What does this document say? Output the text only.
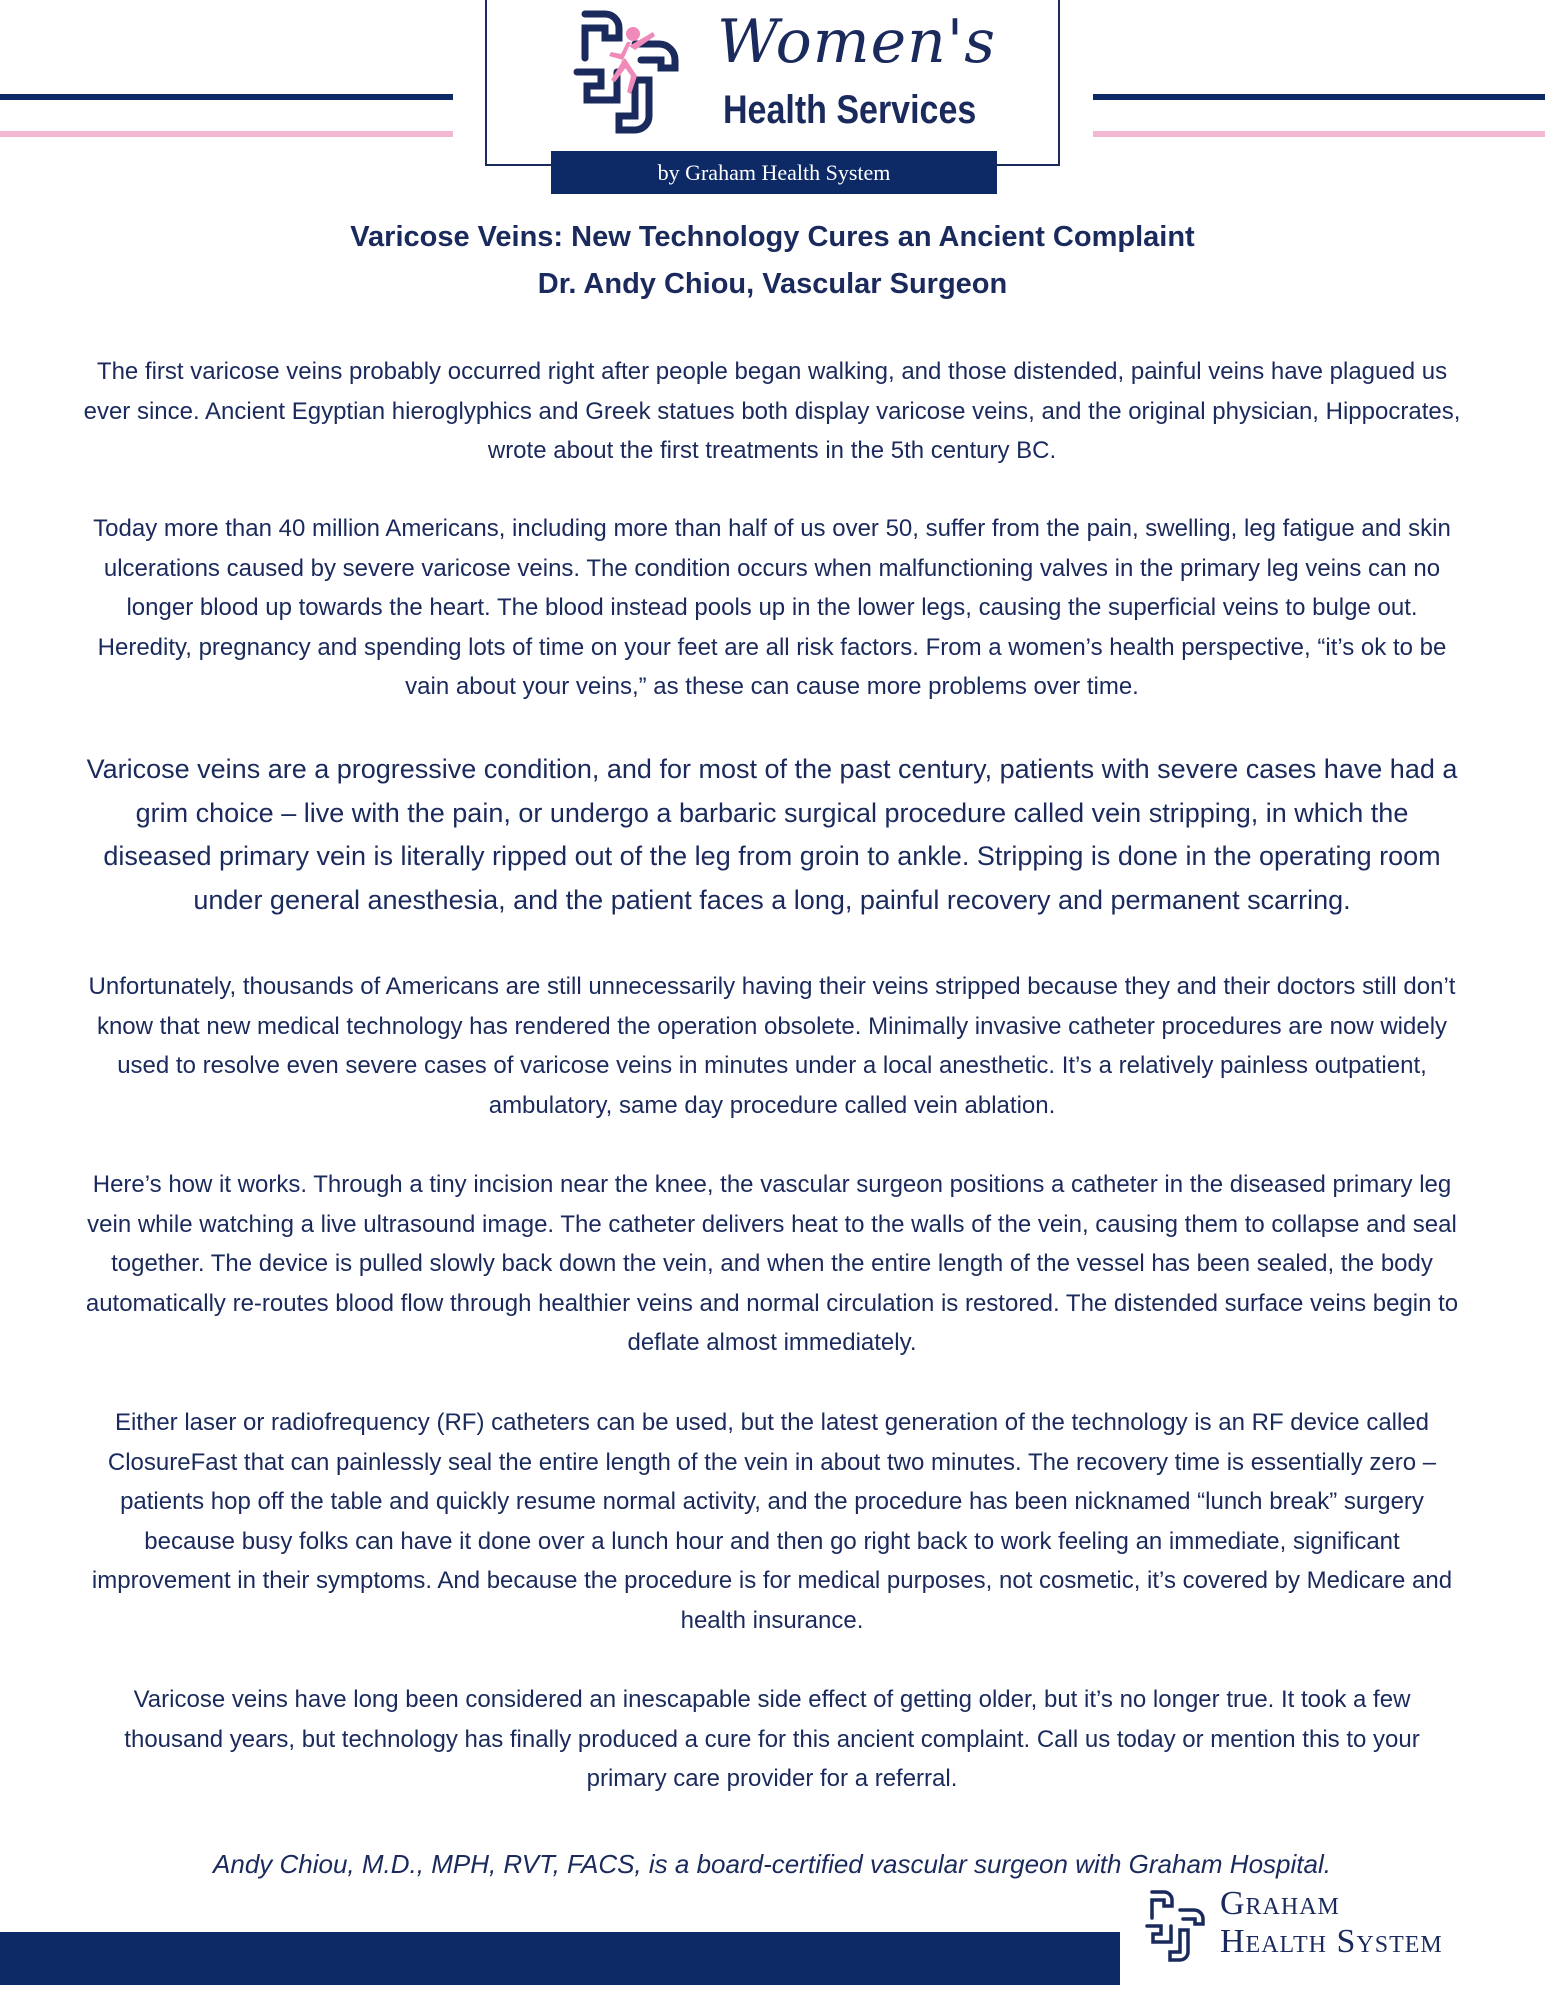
Women's
Health Services
by Graham Health System
Varicose Veins: New Technology Cures an Ancient Complaint
Dr. Andy Chiou, Vascular Surgeon
The first varicose veins probably occurred right after people began walking, and those distended, painful veins have plagued us ever since. Ancient Egyptian hieroglyphics and Greek statues both display varicose veins, and the original physician, Hippocrates, wrote about the first treatments in the 5th century BC.
Today more than 40 million Americans, including more than half of us over 50, suffer from the pain, swelling, leg fatigue and skin ulcerations caused by severe varicose veins. The condition occurs when malfunctioning valves in the primary leg veins can no longer blood up towards the heart. The blood instead pools up in the lower legs, causing the superficial veins to bulge out. Heredity, pregnancy and spending lots of time on your feet are all risk factors. From a women’s health perspective, “it’s ok to be vain about your veins,” as these can cause more problems over time.
Varicose veins are a progressive condition, and for most of the past century, patients with severe cases have had a grim choice – live with the pain, or undergo a barbaric surgical procedure called vein stripping, in which the diseased primary vein is literally ripped out of the leg from groin to ankle. Stripping is done in the operating room under general anesthesia, and the patient faces a long, painful recovery and permanent scarring.
Unfortunately, thousands of Americans are still unnecessarily having their veins stripped because they and their doctors still don’t know that new medical technology has rendered the operation obsolete. Minimally invasive catheter procedures are now widely used to resolve even severe cases of varicose veins in minutes under a local anesthetic. It’s a relatively painless outpatient, ambulatory, same day procedure called vein ablation.
Here’s how it works. Through a tiny incision near the knee, the vascular surgeon positions a catheter in the diseased primary leg vein while watching a live ultrasound image. The catheter delivers heat to the walls of the vein, causing them to collapse and seal together. The device is pulled slowly back down the vein, and when the entire length of the vessel has been sealed, the body automatically re-routes blood flow through healthier veins and normal circulation is restored. The distended surface veins begin to deflate almost immediately.
Either laser or radiofrequency (RF) catheters can be used, but the latest generation of the technology is an RF device called ClosureFast that can painlessly seal the entire length of the vein in about two minutes. The recovery time is essentially zero – patients hop off the table and quickly resume normal activity, and the procedure has been nicknamed “lunch break” surgery because busy folks can have it done over a lunch hour and then go right back to work feeling an immediate, significant improvement in their symptoms. And because the procedure is for medical purposes, not cosmetic, it’s covered by Medicare and health insurance.
Varicose veins have long been considered an inescapable side effect of getting older, but it’s no longer true. It took a few thousand years, but technology has finally produced a cure for this ancient complaint. Call us today or mention this to your primary care provider for a referral.
Andy Chiou, M.D., MPH, RVT, FACS, is a board-certified vascular surgeon with Graham Hospital.
Graham
Health System
